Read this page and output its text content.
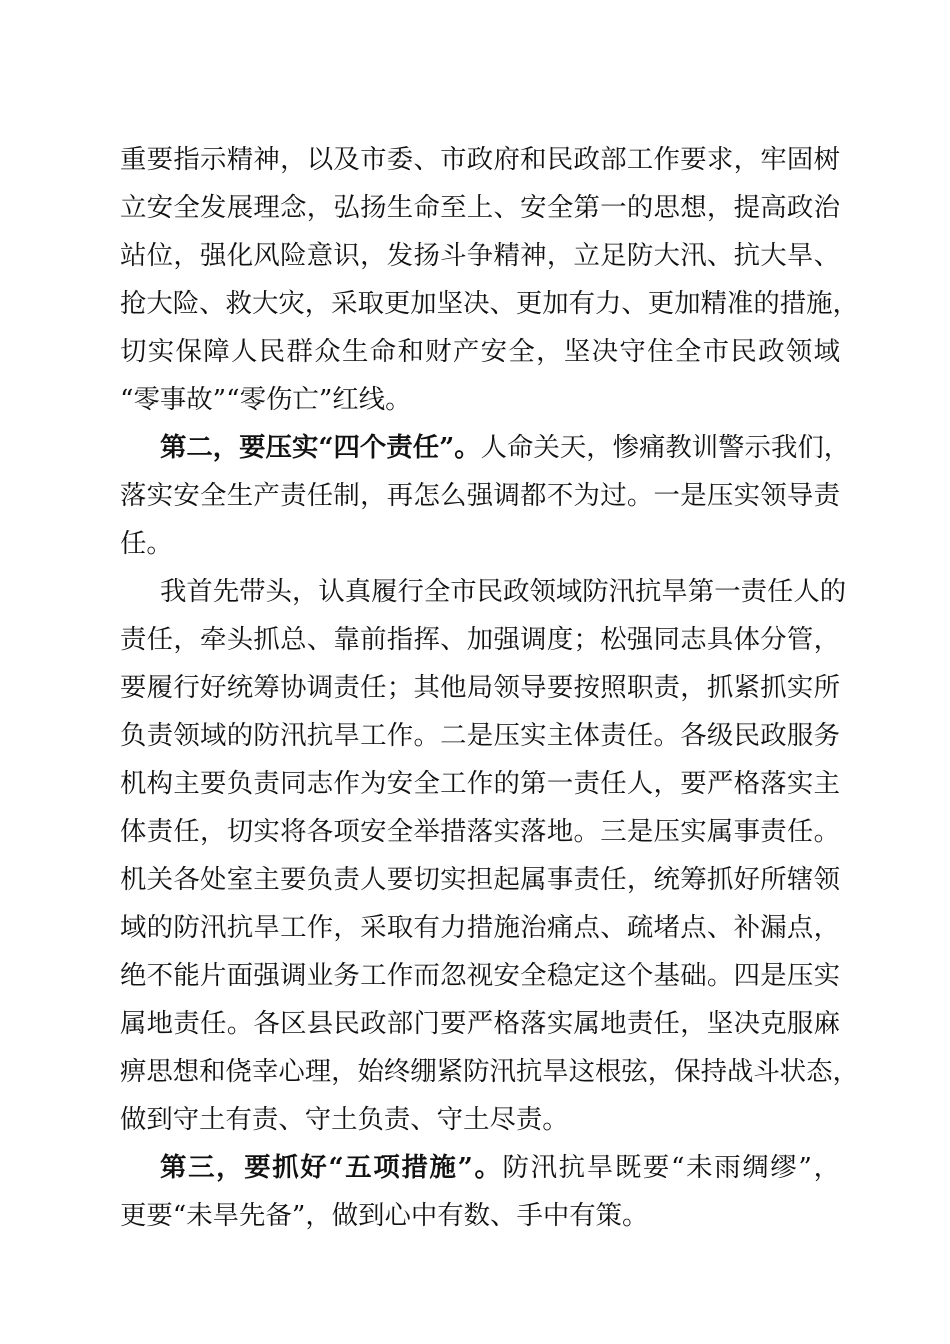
重要指示精神，以及市委、市政府和民政部工作要求，牢固树
立安全发展理念，弘扬生命至上、安全第一的思想，提高政治
站位，强化风险意识，发扬斗争精神，立足防大汛、抗大旱、
抢大险、救大灾，采取更加坚决、更加有力、更加精准的措施，
切实保障人民群众生命和财产安全，坚决守住全市民政领域
“零事故”“零伤亡”红线。
第二，要压实“四个责任”。人命关天，惨痛教训警示我们，
落实安全生产责任制，再怎么强调都不为过。一是压实领导责
任。
我首先带头，认真履行全市民政领域防汛抗旱第一责任人的
责任，牵头抓总、靠前指挥、加强调度；松强同志具体分管，
要履行好统筹协调责任；其他局领导要按照职责，抓紧抓实所
负责领域的防汛抗旱工作。二是压实主体责任。各级民政服务
机构主要负责同志作为安全工作的第一责任人，要严格落实主
体责任，切实将各项安全举措落实落地。三是压实属事责任。
机关各处室主要负责人要切实担起属事责任，统筹抓好所辖领
域的防汛抗旱工作，采取有力措施治痛点、疏堵点、补漏点，
绝不能片面强调业务工作而忽视安全稳定这个基础。四是压实
属地责任。各区县民政部门要严格落实属地责任，坚决克服麻
痹思想和侥幸心理，始终绷紧防汛抗旱这根弦，保持战斗状态，
做到守土有责、守土负责、守土尽责。
第三，要抓好“五项措施”。防汛抗旱既要“未雨绸缪”，
更要“未旱先备”，做到心中有数、手中有策。
